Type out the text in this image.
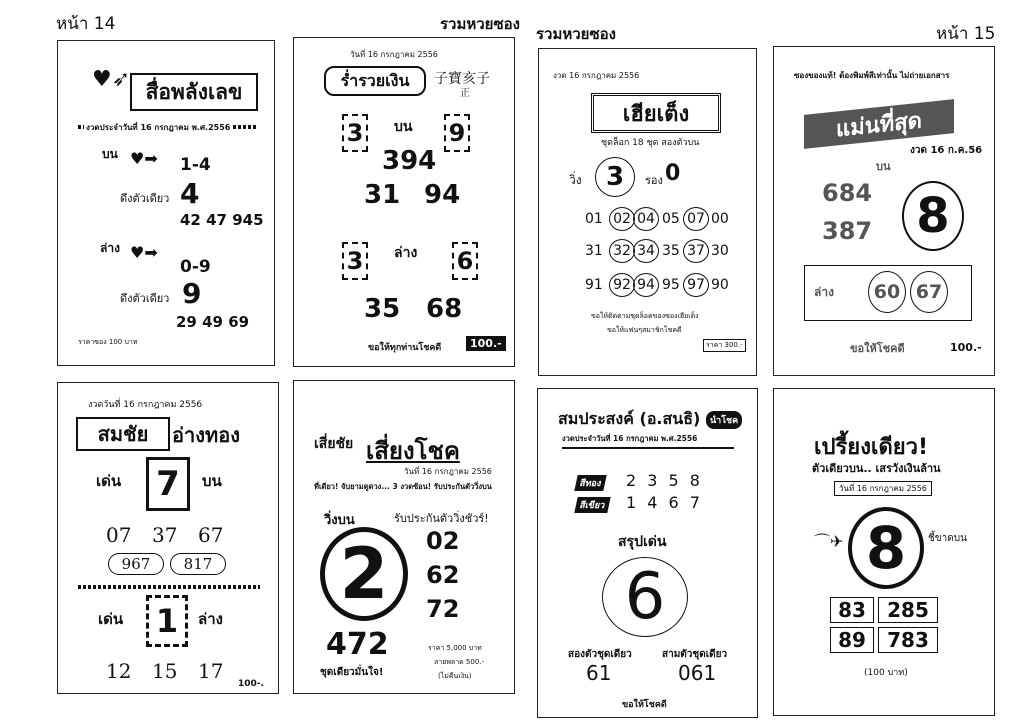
หน้า 14	รวมหวยซอง
รวมหวยซอง	หน้า 15
♥➶ สื่อพลังเลข
งวดประจำวันที่ 16 กรกฎาคม พ.ศ.2556
บน ♥➡ 1-4
ดึงตัวเดียว 4
42 47 945
ล่าง ♥➡
0-9
ดึงตัวเดียว 9
29 49 69
ราคาซอง 100 บาท
วันที่ 16 กรกฎาคม 2556
ร่ำรวยเงิน	子寶亥子
正
3	บน 9
394
31 94
3	ล่าง 6
35 68
ขอให้ทุกท่านโชคดี	100.-
งวด 16 กรกฎาคม 2556
เฮียเต็ง
ชุดล็อก 18 ชุด สองตัวบน
วิ่ง 3	รอง 0
01 02 04 05 07 00
31 32 34 35 37 30
91 92 94 95 97 90
ขอให้ติดตามชุดล็อคของซองเฮียเต็ง
ขอให้แฟนๆสมาชิกโชคดี
ราคา 300.-
ซองของแท้! ต้องพิมพ์สีเท่านั้น ไม่ถ่ายเอกสาร
แม่นที่สุด
งวด 16 ก.ค.56
บน
684
387 8
ล่าง	60 67
ขอให้โชคดี	100.-
งวดวันที่ 16 กรกฎาคม 2556
สมชัย	อ่างทอง
เด่น 7	บน
07 37 67
967	817
เด่น	1	ล่าง
12 15 17
100-.
เสี่ยชัย เสี่ยงโชค
วันที่ 16 กรกฎาคม 2556
ที่เดียว! จับยามดูดวง... 3 งวดซ้อน! รับประกันตัววิ่งบน
วิ่งบน	รับประกันตัววิ่งชัวร์!
2	02
62
72
472
ชุดเดียวมั่นใจ!
ราคา 5,000 บาท
ลายพลาด 500.-
(ไม่คืนเงิน)
สมประสงค์ (อ.สนธิ)	นำโชค
งวดประจำวันที่ 16 กรกฎาคม พ.ศ.2556
สีทอง	2 3 5 8
สีเขียว	1 4 6 7
สรุปเด่น
6
สองตัวชุดเดียว	สามตัวชุดเดียว
61	061
ขอให้โชคดี
เปรี้ยงเดียว!
ตัวเดียวบน.. เสรวังเงินล้าน
วันที่ 16 กรกฎาคม 2556
⌒✈ 8	ชี้ขาดบน
83	285
89	783
(100 บาท)
